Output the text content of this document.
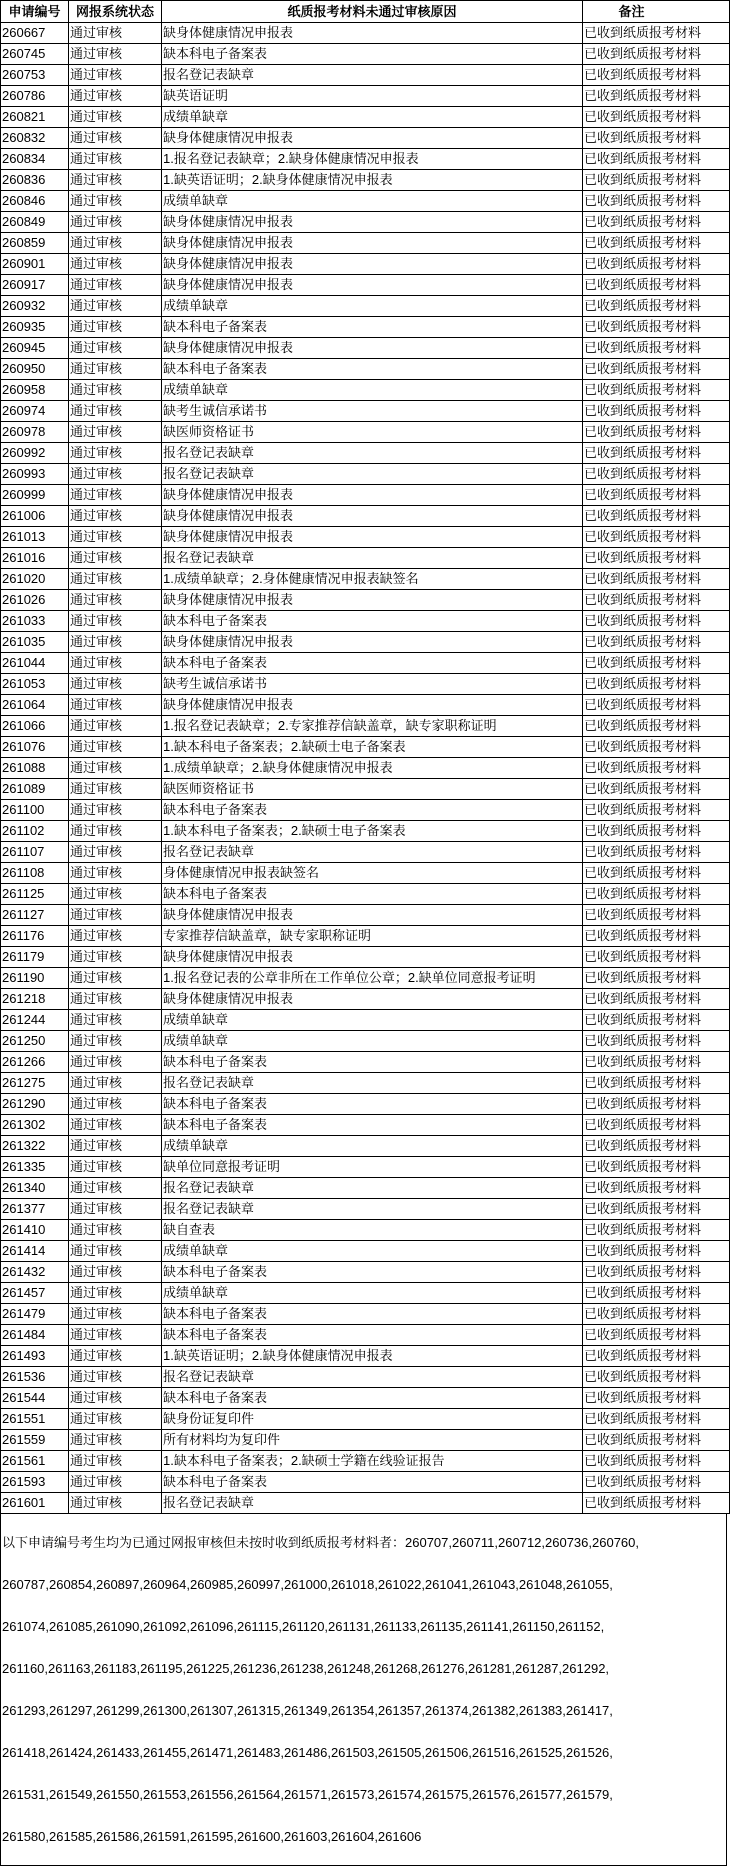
申请编号	网报系统状态	纸质报考材料未通过审核原因	备注
260667	通过审核	缺身体健康情况申报表	已收到纸质报考材料
260745	通过审核	缺本科电子备案表	已收到纸质报考材料
260753	通过审核	报名登记表缺章	已收到纸质报考材料
260786	通过审核	缺英语证明	已收到纸质报考材料
260821	通过审核	成绩单缺章	已收到纸质报考材料
260832	通过审核	缺身体健康情况申报表	已收到纸质报考材料
260834	通过审核	1.报名登记表缺章；2.缺身体健康情况申报表	已收到纸质报考材料
260836	通过审核	1.缺英语证明；2.缺身体健康情况申报表	已收到纸质报考材料
260846	通过审核	成绩单缺章	已收到纸质报考材料
260849	通过审核	缺身体健康情况申报表	已收到纸质报考材料
260859	通过审核	缺身体健康情况申报表	已收到纸质报考材料
260901	通过审核	缺身体健康情况申报表	已收到纸质报考材料
260917	通过审核	缺身体健康情况申报表	已收到纸质报考材料
260932	通过审核	成绩单缺章	已收到纸质报考材料
260935	通过审核	缺本科电子备案表	已收到纸质报考材料
260945	通过审核	缺身体健康情况申报表	已收到纸质报考材料
260950	通过审核	缺本科电子备案表	已收到纸质报考材料
260958	通过审核	成绩单缺章	已收到纸质报考材料
260974	通过审核	缺考生诚信承诺书	已收到纸质报考材料
260978	通过审核	缺医师资格证书	已收到纸质报考材料
260992	通过审核	报名登记表缺章	已收到纸质报考材料
260993	通过审核	报名登记表缺章	已收到纸质报考材料
260999	通过审核	缺身体健康情况申报表	已收到纸质报考材料
261006	通过审核	缺身体健康情况申报表	已收到纸质报考材料
261013	通过审核	缺身体健康情况申报表	已收到纸质报考材料
261016	通过审核	报名登记表缺章	已收到纸质报考材料
261020	通过审核	1.成绩单缺章；2.身体健康情况申报表缺签名	已收到纸质报考材料
261026	通过审核	缺身体健康情况申报表	已收到纸质报考材料
261033	通过审核	缺本科电子备案表	已收到纸质报考材料
261035	通过审核	缺身体健康情况申报表	已收到纸质报考材料
261044	通过审核	缺本科电子备案表	已收到纸质报考材料
261053	通过审核	缺考生诚信承诺书	已收到纸质报考材料
261064	通过审核	缺身体健康情况申报表	已收到纸质报考材料
261066	通过审核	1.报名登记表缺章；2.专家推荐信缺盖章，缺专家职称证明	已收到纸质报考材料
261076	通过审核	1.缺本科电子备案表；2.缺硕士电子备案表	已收到纸质报考材料
261088	通过审核	1.成绩单缺章；2.缺身体健康情况申报表	已收到纸质报考材料
261089	通过审核	缺医师资格证书	已收到纸质报考材料
261100	通过审核	缺本科电子备案表	已收到纸质报考材料
261102	通过审核	1.缺本科电子备案表；2.缺硕士电子备案表	已收到纸质报考材料
261107	通过审核	报名登记表缺章	已收到纸质报考材料
261108	通过审核	身体健康情况申报表缺签名	已收到纸质报考材料
261125	通过审核	缺本科电子备案表	已收到纸质报考材料
261127	通过审核	缺身体健康情况申报表	已收到纸质报考材料
261176	通过审核	专家推荐信缺盖章，缺专家职称证明	已收到纸质报考材料
261179	通过审核	缺身体健康情况申报表	已收到纸质报考材料
261190	通过审核	1.报名登记表的公章非所在工作单位公章；2.缺单位同意报考证明	已收到纸质报考材料
261218	通过审核	缺身体健康情况申报表	已收到纸质报考材料
261244	通过审核	成绩单缺章	已收到纸质报考材料
261250	通过审核	成绩单缺章	已收到纸质报考材料
261266	通过审核	缺本科电子备案表	已收到纸质报考材料
261275	通过审核	报名登记表缺章	已收到纸质报考材料
261290	通过审核	缺本科电子备案表	已收到纸质报考材料
261302	通过审核	缺本科电子备案表	已收到纸质报考材料
261322	通过审核	成绩单缺章	已收到纸质报考材料
261335	通过审核	缺单位同意报考证明	已收到纸质报考材料
261340	通过审核	报名登记表缺章	已收到纸质报考材料
261377	通过审核	报名登记表缺章	已收到纸质报考材料
261410	通过审核	缺自查表	已收到纸质报考材料
261414	通过审核	成绩单缺章	已收到纸质报考材料
261432	通过审核	缺本科电子备案表	已收到纸质报考材料
261457	通过审核	成绩单缺章	已收到纸质报考材料
261479	通过审核	缺本科电子备案表	已收到纸质报考材料
261484	通过审核	缺本科电子备案表	已收到纸质报考材料
261493	通过审核	1.缺英语证明；2.缺身体健康情况申报表	已收到纸质报考材料
261536	通过审核	报名登记表缺章	已收到纸质报考材料
261544	通过审核	缺本科电子备案表	已收到纸质报考材料
261551	通过审核	缺身份证复印件	已收到纸质报考材料
261559	通过审核	所有材料均为复印件	已收到纸质报考材料
261561	通过审核	1.缺本科电子备案表；2.缺硕士学籍在线验证报告	已收到纸质报考材料
261593	通过审核	缺本科电子备案表	已收到纸质报考材料
261601	通过审核	报名登记表缺章	已收到纸质报考材料
以下申请编号考生均为已通过网报审核但未按时收到纸质报考材料者：260707,260711,260712,260736,260760,
260787,260854,260897,260964,260985,260997,261000,261018,261022,261041,261043,261048,261055,
261074,261085,261090,261092,261096,261115,261120,261131,261133,261135,261141,261150,261152,
261160,261163,261183,261195,261225,261236,261238,261248,261268,261276,261281,261287,261292,
261293,261297,261299,261300,261307,261315,261349,261354,261357,261374,261382,261383,261417,
261418,261424,261433,261455,261471,261483,261486,261503,261505,261506,261516,261525,261526,
261531,261549,261550,261553,261556,261564,261571,261573,261574,261575,261576,261577,261579,
261580,261585,261586,261591,261595,261600,261603,261604,261606
